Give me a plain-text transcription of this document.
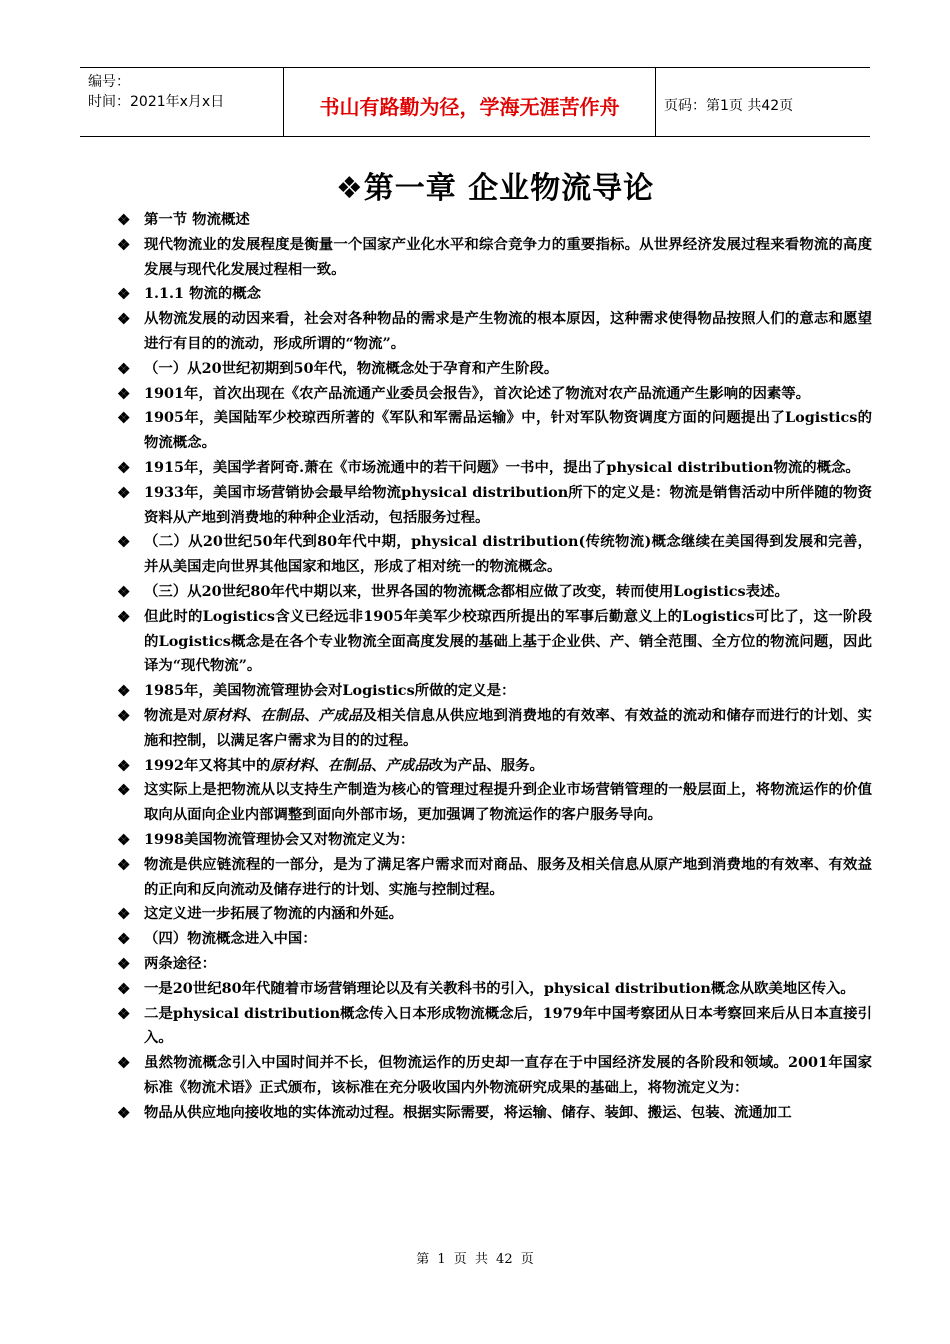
编号：
时间：2021年x月x日	书山有路勤为径，学海无涯苦作舟	页码：第1页 共42页
❖第一章 企业物流导论
❖ 第一节 物流概述
❖ 现代物流业的发展程度是衡量一个国家产业化水平和综合竞争力的重要指标。从世界经济发展过程来看物流的高度发展与现代化发展过程相一致。
❖ 1.1.1 物流的概念
❖ 从物流发展的动因来看，社会对各种物品的需求是产生物流的根本原因，这种需求使得物品按照人们的意志和愿望进行有目的的流动，形成所谓的“物流”。
❖ （一）从20世纪初期到50年代，物流概念处于孕育和产生阶段。
❖ 1901年，首次出现在《农产品流通产业委员会报告》，首次论述了物流对农产品流通产生影响的因素等。
❖ 1905年，美国陆军少校琼西所著的《军队和军需品运输》中，针对军队物资调度方面的问题提出了Logistics的物流概念。
❖ 1915年，美国学者阿奇.萧在《市场流通中的若干问题》一书中，提出了physical distribution物流的概念。
❖ 1933年，美国市场营销协会最早给物流physical distribution所下的定义是：物流是销售活动中所伴随的物资资料从产地到消费地的种种企业活动，包括服务过程。
❖ （二）从20世纪50年代到80年代中期，physical distribution(传统物流)概念继续在美国得到发展和完善，并从美国走向世界其他国家和地区，形成了相对统一的物流概念。
❖ （三）从20世纪80年代中期以来，世界各国的物流概念都相应做了改变，转而使用Logistics表述。
❖ 但此时的Logistics含义已经远非1905年美军少校琼西所提出的军事后勤意义上的Logistics可比了，这一阶段的Logistics概念是在各个专业物流全面高度发展的基础上基于企业供、产、销全范围、全方位的物流问题，因此译为“现代物流”。
❖ 1985年，美国物流管理协会对Logistics所做的定义是：
❖ 物流是对原材料、在制品、产成品及相关信息从供应地到消费地的有效率、有效益的流动和储存而进行的计划、实施和控制，以满足客户需求为目的的过程。
❖ 1992年又将其中的原材料、在制品、产成品改为产品、服务。
❖ 这实际上是把物流从以支持生产制造为核心的管理过程提升到企业市场营销管理的一般层面上，将物流运作的价值取向从面向企业内部调整到面向外部市场，更加强调了物流运作的客户服务导向。
❖ 1998美国物流管理协会又对物流定义为：
❖ 物流是供应链流程的一部分，是为了满足客户需求而对商品、服务及相关信息从原产地到消费地的有效率、有效益的正向和反向流动及储存进行的计划、实施与控制过程。
❖ 这定义进一步拓展了物流的内涵和外延。
❖ （四）物流概念进入中国：
❖ 两条途径：
❖ 一是20世纪80年代随着市场营销理论以及有关教科书的引入，physical distribution概念从欧美地区传入。
❖ 二是physical distribution概念传入日本形成物流概念后，1979年中国考察团从日本考察回来后从日本直接引入。
❖ 虽然物流概念引入中国时间并不长，但物流运作的历史却一直存在于中国经济发展的各阶段和领域。2001年国家标准《物流术语》正式颁布，该标准在充分吸收国内外物流研究成果的基础上，将物流定义为：
❖ 物品从供应地向接收地的实体流动过程。根据实际需要，将运输、储存、装卸、搬运、包装、流通加工
第 1 页 共 42 页
